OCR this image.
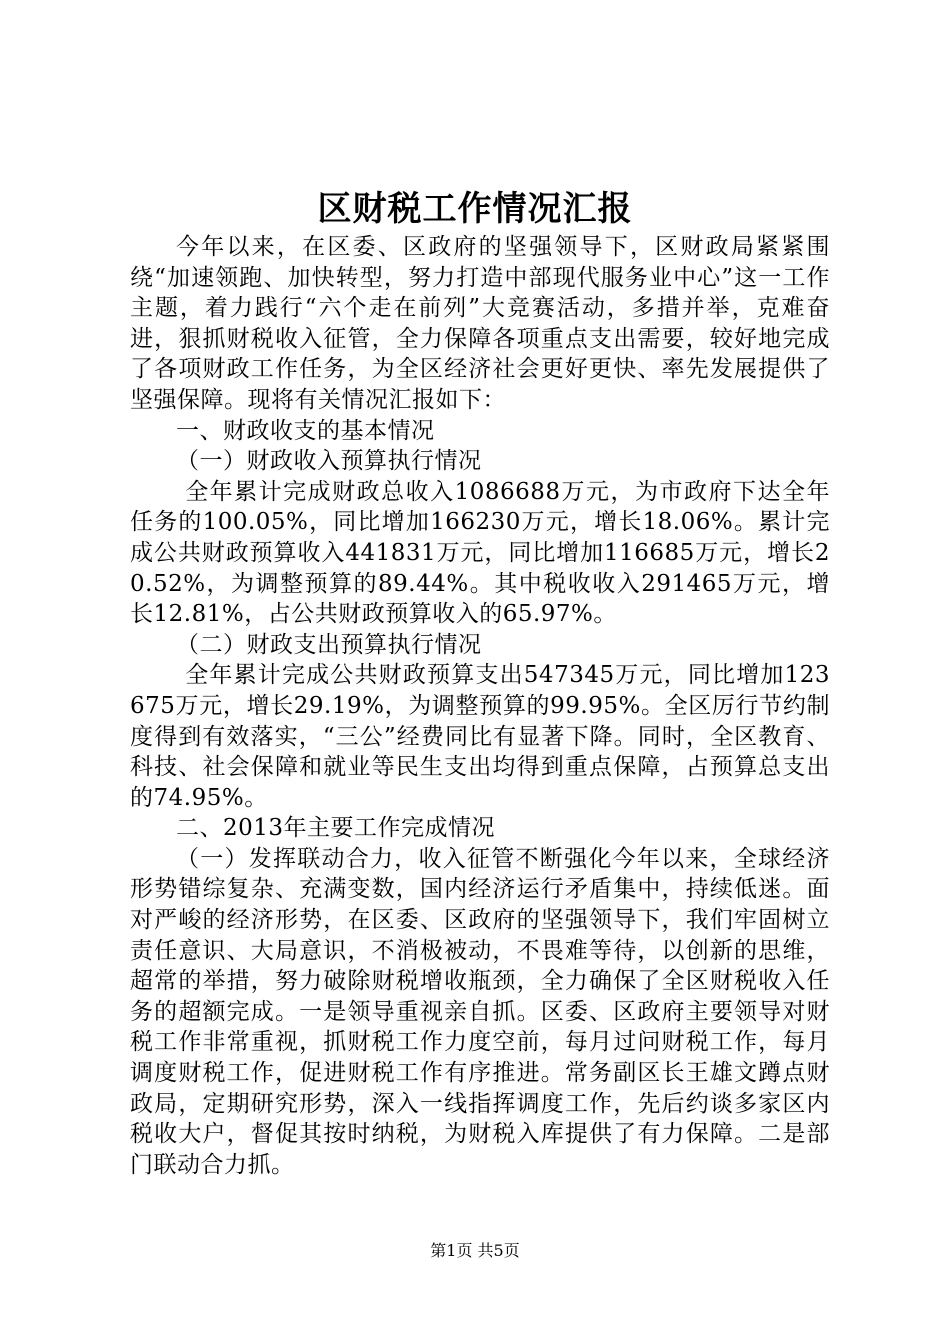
区财税工作情况汇报

今年以来，在区委、区政府的坚强领导下，区财政局紧紧围绕“加速领跑、加快转型，努力打造中部现代服务业中心”这一工作主题，着力践行“六个走在前列”大竞赛活动，多措并举，克难奋进，狠抓财税收入征管，全力保障各项重点支出需要，较好地完成了各项财政工作任务，为全区经济社会更好更快、率先发展提供了坚强保障。现将有关情况汇报如下：

一、财政收支的基本情况

（一）财政收入预算执行情况

全年累计完成财政总收入1086688万元，为市政府下达全年任务的100.05%，同比增加166230万元，增长18.06%。累计完成公共财政预算收入441831万元，同比增加116685万元，增长20.52%，为调整预算的89.44%。其中税收收入291465万元，增长12.81%，占公共财政预算收入的65.97%。

（二）财政支出预算执行情况

全年累计完成公共财政预算支出547345万元，同比增加123675万元，增长29.19%，为调整预算的99.95%。全区厉行节约制度得到有效落实，“三公”经费同比有显著下降。同时，全区教育、科技、社会保障和就业等民生支出均得到重点保障，占预算总支出的74.95%。

二、2013年主要工作完成情况

（一）发挥联动合力，收入征管不断强化今年以来，全球经济形势错综复杂、充满变数，国内经济运行矛盾集中，持续低迷。面对严峻的经济形势，在区委、区政府的坚强领导下，我们牢固树立责任意识、大局意识，不消极被动，不畏难等待，以创新的思维，超常的举措，努力破除财税增收瓶颈，全力确保了全区财税收入任务的超额完成。一是领导重视亲自抓。区委、区政府主要领导对财税工作非常重视，抓财税工作力度空前，每月过问财税工作，每月调度财税工作，促进财税工作有序推进。常务副区长王雄文蹲点财政局，定期研究形势，深入一线指挥调度工作，先后约谈多家区内税收大户，督促其按时纳税，为财税入库提供了有力保障。二是部门联动合力抓。

第1页 共5页
